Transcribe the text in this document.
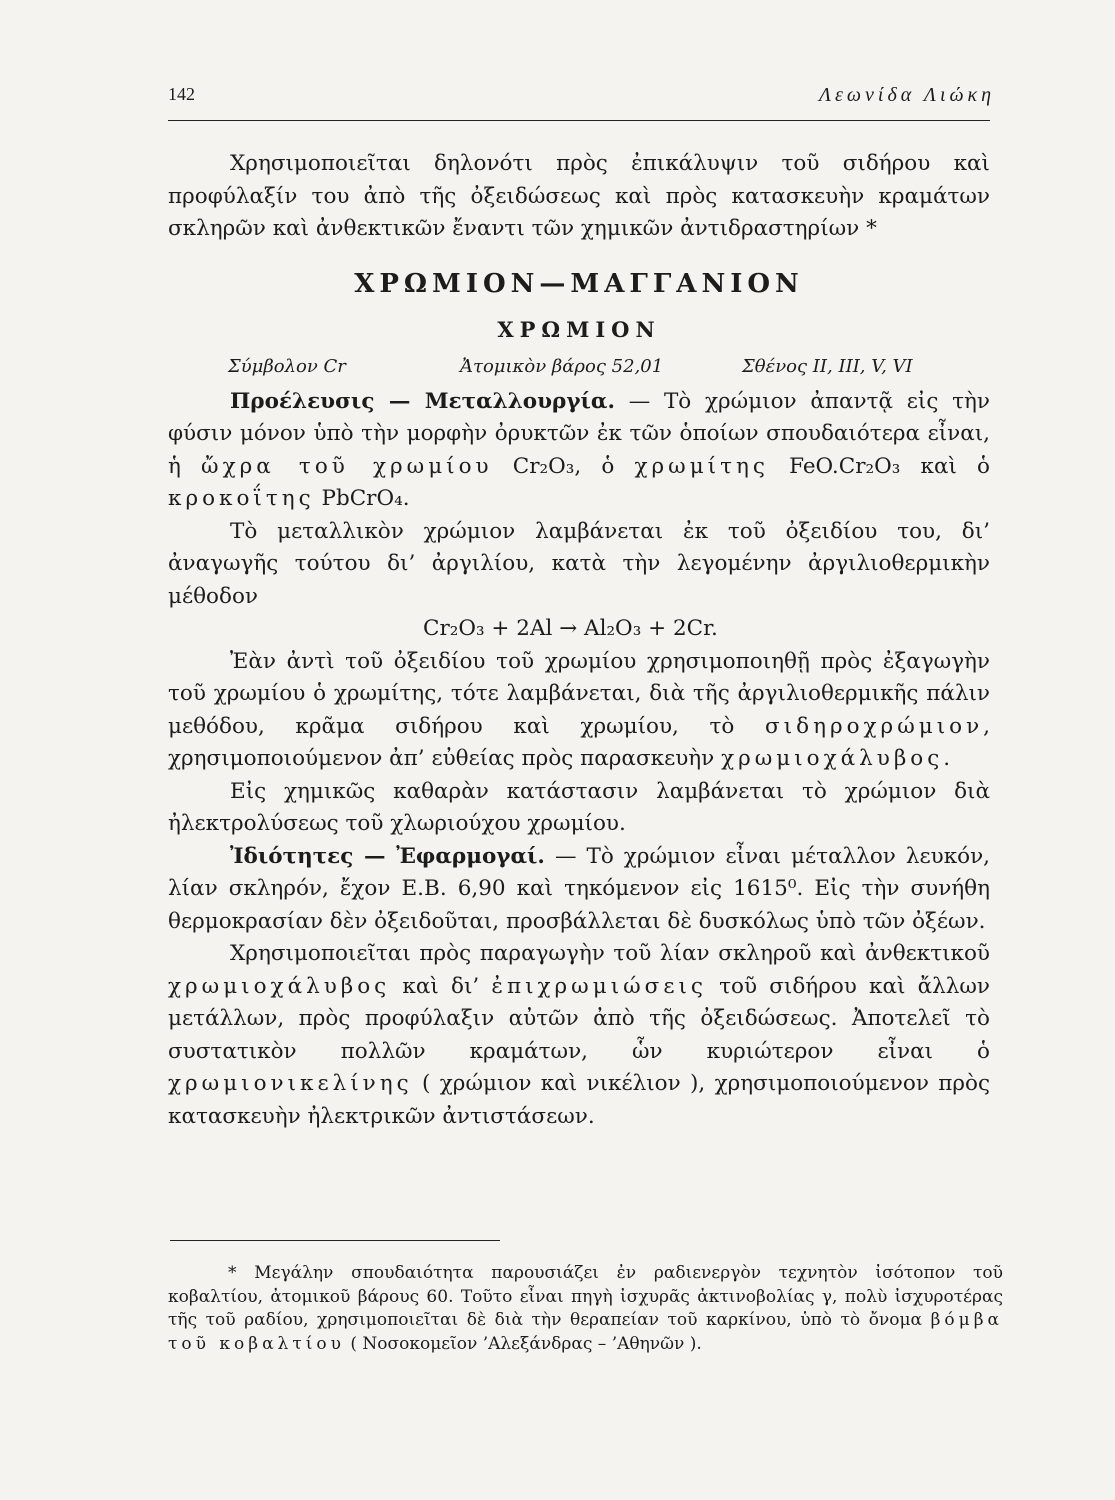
142	Λεωνίδα Λιώκη

Χρησιμοποιεῖται δηλονότι πρὸς ἐπικάλυψιν τοῦ σιδήρου καὶ προφύλαξίν του ἀπὸ τῆς ὀξειδώσεως καὶ πρὸς κατασκευὴν κραμάτων σκληρῶν καὶ ἀνθεκτικῶν ἔναντι τῶν χημικῶν ἀντιδραστηρίων *

ΧΡΩΜΙΟΝ—ΜΑΓΓΑΝΙΟΝ
ΧΡΩΜΙΟΝ
Σύμβολον Cr	Ἀτομικὸν βάρος 52,01	Σθένος II, III, V, VI

Προέλευσις — Μεταλλουργία. — Τὸ χρώμιον ἀπαντᾷ εἰς τὴν φύσιν μόνον ὑπὸ τὴν μορφὴν ὀρυκτῶν ἐκ τῶν ὁποίων σπουδαιότερα εἶναι, ἡ ὤχρα τοῦ χρωμίου Cr₂O₃, ὁ χρωμίτης FeO.Cr₂O₃ καὶ ὁ κροκοΐτης PbCrO₄.

Τὸ μεταλλικὸν χρώμιον λαμβάνεται ἐκ τοῦ ὀξειδίου του, δι’ ἀναγωγῆς τούτου δι’ ἀργιλίου, κατὰ τὴν λεγομένην ἀργιλιοθερμικὴν μέθοδον

Cr₂O₃ + 2Al → Al₂O₃ + 2Cr.

Ἐὰν ἀντὶ τοῦ ὀξειδίου τοῦ χρωμίου χρησιμοποιηθῇ πρὸς ἐξαγωγὴν τοῦ χρωμίου ὁ χρωμίτης, τότε λαμβάνεται, διὰ τῆς ἀργιλιοθερμικῆς πάλιν μεθόδου, κρᾶμα σιδήρου καὶ χρωμίου, τὸ σιδηροχρώμιον, χρησιμοποιούμενον ἀπ’ εὐθείας πρὸς παρασκευὴν χρωμιοχάλυβος.

Εἰς χημικῶς καθαρὰν κατάστασιν λαμβάνεται τὸ χρώμιον διὰ ἠλεκτρολύσεως τοῦ χλωριούχου χρωμίου.

Ἰδιότητες — Ἐφαρμογαί. — Τὸ χρώμιον εἶναι μέταλλον λευκόν, λίαν σκληρόν, ἔχον Ε.Β. 6,90 καὶ τηκόμενον εἰς 1615⁰. Εἰς τὴν συνήθη θερμοκρασίαν δὲν ὀξειδοῦται, προσβάλλεται δὲ δυσκόλως ὑπὸ τῶν ὀξέων.

Χρησιμοποιεῖται πρὸς παραγωγὴν τοῦ λίαν σκληροῦ καὶ ἀνθεκτικοῦ χρωμιοχάλυβος καὶ δι’ ἐπιχρωμιώσεις τοῦ σιδήρου καὶ ἄλλων μετάλλων, πρὸς προφύλαξιν αὐτῶν ἀπὸ τῆς ὀξειδώσεως. Ἀποτελεῖ τὸ συστατικὸν πολλῶν κραμάτων, ὧν κυριώτερον εἶναι ὁ χρωμιονικελίνης ( χρώμιον καὶ νικέλιον ), χρησιμοποιούμενον πρὸς κατασκευὴν ἠλεκτρικῶν ἀντιστάσεων.

* Μεγάλην σπουδαιότητα παρουσιάζει ἐν ραδιενεργὸν τεχνητὸν ἰσότοπον τοῦ κοβαλτίου, ἀτομικοῦ βάρους 60. Τοῦτο εἶναι πηγὴ ἰσχυρᾶς ἀκτινοβολίας γ, πολὺ ἰσχυροτέρας τῆς τοῦ ραδίου, χρησιμοποιεῖται δὲ διὰ τὴν θεραπείαν τοῦ καρκίνου, ὑπὸ τὸ ὄνομα βόμβα τοῦ κοβαλτίου ( Νοσοκομεῖον ’Αλεξάνδρας – ’Αθηνῶν ).
